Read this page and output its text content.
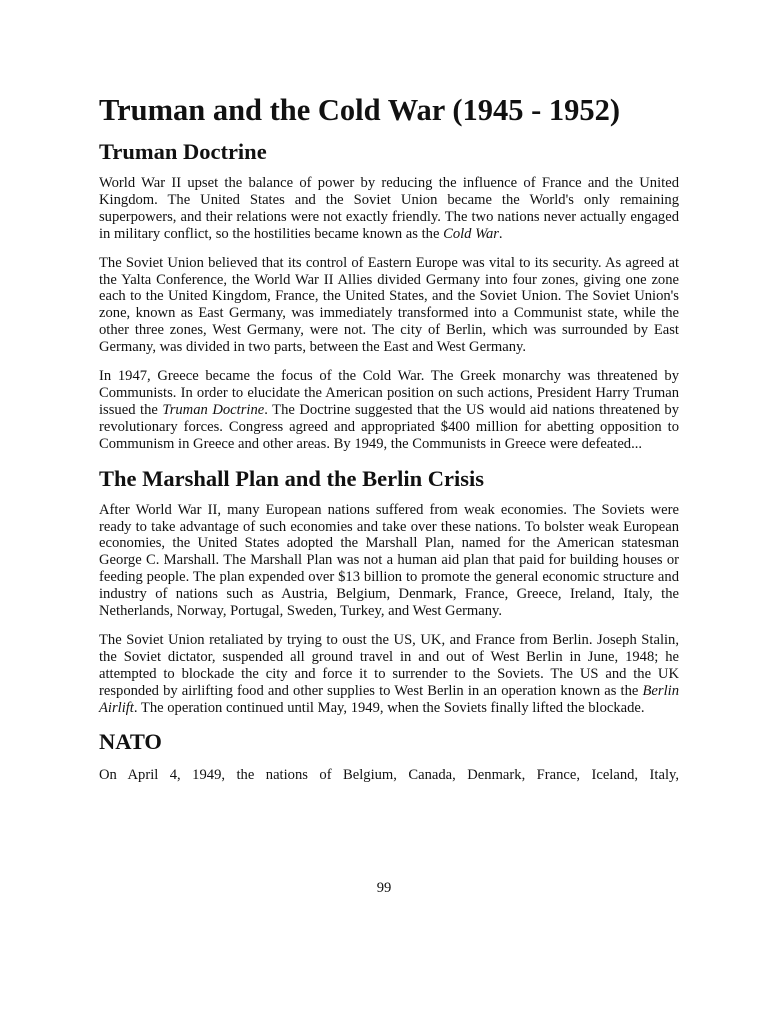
Truman and the Cold War (1945 - 1952)
Truman Doctrine

World War II upset the balance of power by reducing the influence of France and the United Kingdom. The United States and the Soviet Union became the World's only remaining superpowers, and their relations were not exactly friendly. The two nations never actually engaged in military conflict, so the hostilities became known as the Cold War.

The Soviet Union believed that its control of Eastern Europe was vital to its security. As agreed at the Yalta Conference, the World War II Allies divided Germany into four zones, giving one zone each to the United Kingdom, France, the United States, and the Soviet Union. The Soviet Union's zone, known as East Germany, was immediately transformed into a Communist state, while the other three zones, West Germany, were not. The city of Berlin, which was surrounded by East Germany, was divided in two parts, between the East and West Germany.

In 1947, Greece became the focus of the Cold War. The Greek monarchy was threatened by Communists. In order to elucidate the American position on such actions, President Harry Truman issued the Truman Doctrine. The Doctrine suggested that the US would aid nations threatened by revolutionary forces. Congress agreed and appropriated $400 million for abetting opposition to Communism in Greece and other areas. By 1949, the Communists in Greece were defeated...

The Marshall Plan and the Berlin Crisis

After World War II, many European nations suffered from weak economies. The Soviets were ready to take advantage of such economies and take over these nations. To bolster weak European economies, the United States adopted the Marshall Plan, named for the American statesman George C. Marshall. The Marshall Plan was not a human aid plan that paid for building houses or feeding people. The plan expended over $13 billion to promote the general economic structure and industry of nations such as Austria, Belgium, Denmark, France, Greece, Ireland, Italy, the Netherlands, Norway, Portugal, Sweden, Turkey, and West Germany.

The Soviet Union retaliated by trying to oust the US, UK, and France from Berlin. Joseph Stalin, the Soviet dictator, suspended all ground travel in and out of West Berlin in June, 1948; he attempted to blockade the city and force it to surrender to the Soviets. The US and the UK responded by airlifting food and other supplies to West Berlin in an operation known as the Berlin Airlift. The operation continued until May, 1949, when the Soviets finally lifted the blockade.

NATO

On April 4, 1949, the nations of Belgium, Canada, Denmark, France, Iceland, Italy,

99
